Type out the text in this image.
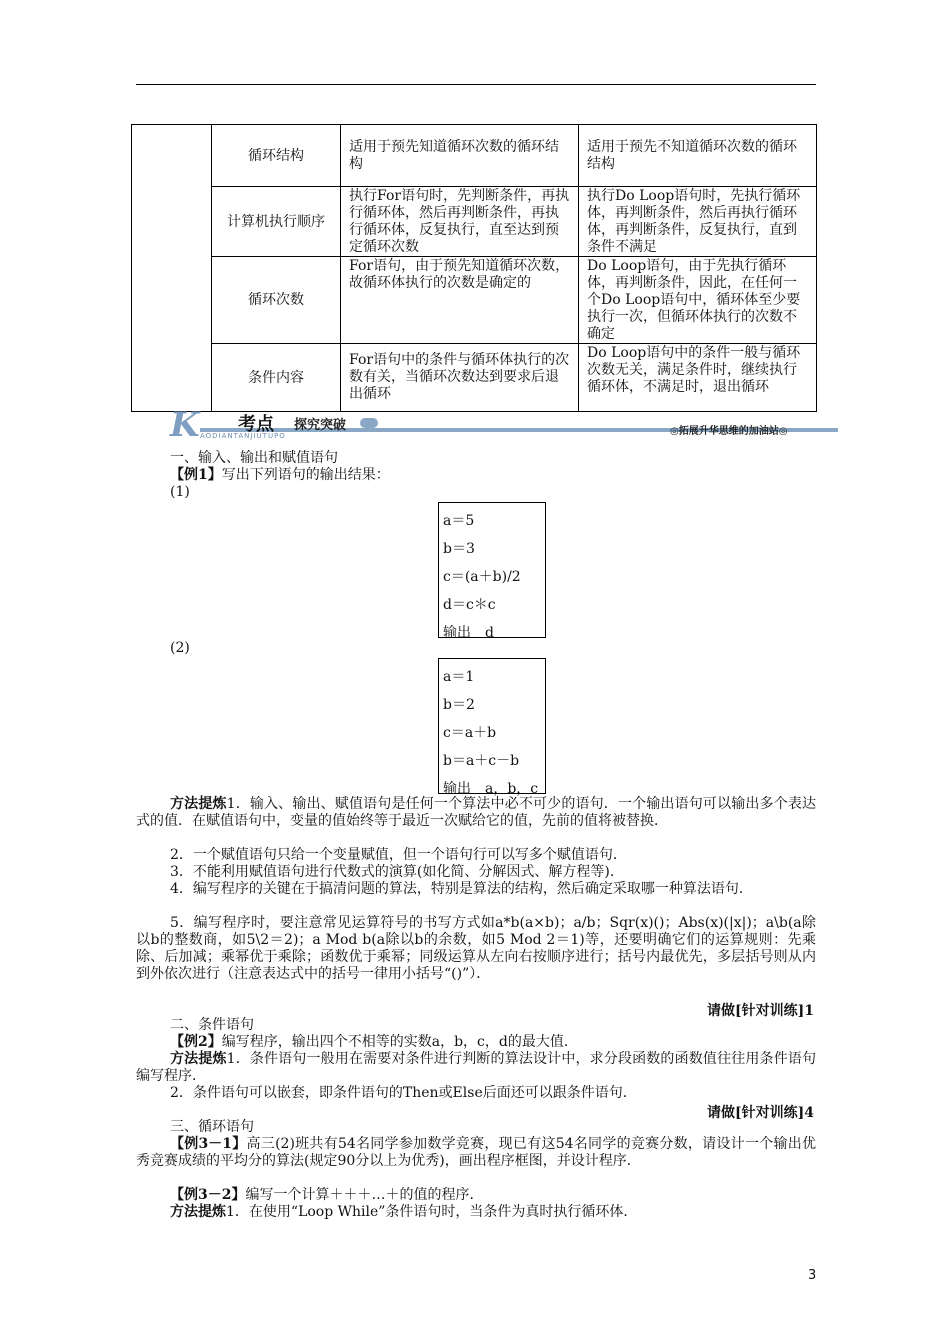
	循环结构	适用于预先知道循环次数的循环结构	适用于预先不知道循环次数的循环结构
	计算机执行顺序	执行For语句时，先判断条件，再执行循环体，然后再判断条件，再执行循环体，反复执行，直至达到预定循环次数	执行Do Loop语句时，先执行循环体，再判断条件，然后再执行循环体，再判断条件，反复执行，直到条件不满足
	循环次数	For语句，由于预先知道循环次数，故循环体执行的次数是确定的	Do Loop语句，由于先执行循环体，再判断条件，因此，在任何一个Do Loop语句中，循环体至少要执行一次，但循环体执行的次数不确定
	条件内容	For语句中的条件与循环体执行的次数有关，当循环次数达到要求后退出循环	Do Loop语句中的条件一般与循环次数无关，满足条件时，继续执行循环体，不满足时，退出循环
K 考点 探究突破
AODIANTANJIUTUPO	◎拓展升华思维的加油站◎
一、输入、输出和赋值语句
【例1】写出下列语句的输出结果：
(1)
a＝5
b＝3
c＝(a＋b)/2
d＝c＊c
输出　d
(2)
a＝1
b＝2
c＝a＋b
b＝a＋c－b
输出　a，b，c
方法提炼1．输入、输出、赋值语句是任何一个算法中必不可少的语句．一个输出语句可以输出多个表达式的值．在赋值语句中，变量的值始终等于最近一次赋给它的值，先前的值将被替换．
2．一个赋值语句只给一个变量赋值，但一个语句行可以写多个赋值语句．
3．不能利用赋值语句进行代数式的演算(如化简、分解因式、解方程等)．
4．编写程序的关键在于搞清问题的算法，特别是算法的结构，然后确定采取哪一种算法语句．
5．编写程序时，要注意常见运算符号的书写方式如a*b(a×b)；a/b；Sqr(x)()；Abs(x)(|x|)；a\b(a除以b的整数商，如5\2＝2)；a Mod b(a除以b的余数，如5 Mod 2＝1)等，还要明确它们的运算规则：先乘除、后加减；乘幂优于乘除；函数优于乘幂；同级运算从左向右按顺序进行；括号内最优先，多层括号则从内到外依次进行（注意表达式中的括号一律用小括号“()”）．
请做[针对训练]1
二、条件语句
【例2】编写程序，输出四个不相等的实数a，b，c，d的最大值．
方法提炼1．条件语句一般用在需要对条件进行判断的算法设计中，求分段函数的函数值往往用条件语句编写程序．
2．条件语句可以嵌套，即条件语句的Then或Else后面还可以跟条件语句．
请做[针对训练]4
三、循环语句
【例3－1】高三(2)班共有54名同学参加数学竞赛，现已有这54名同学的竞赛分数，请设计一个输出优秀竞赛成绩的平均分的算法(规定90分以上为优秀)，画出程序框图，并设计程序．
【例3－2】编写一个计算＋＋＋…＋的值的程序．
方法提炼1．在使用“Loop While”条件语句时，当条件为真时执行循环体．
3
